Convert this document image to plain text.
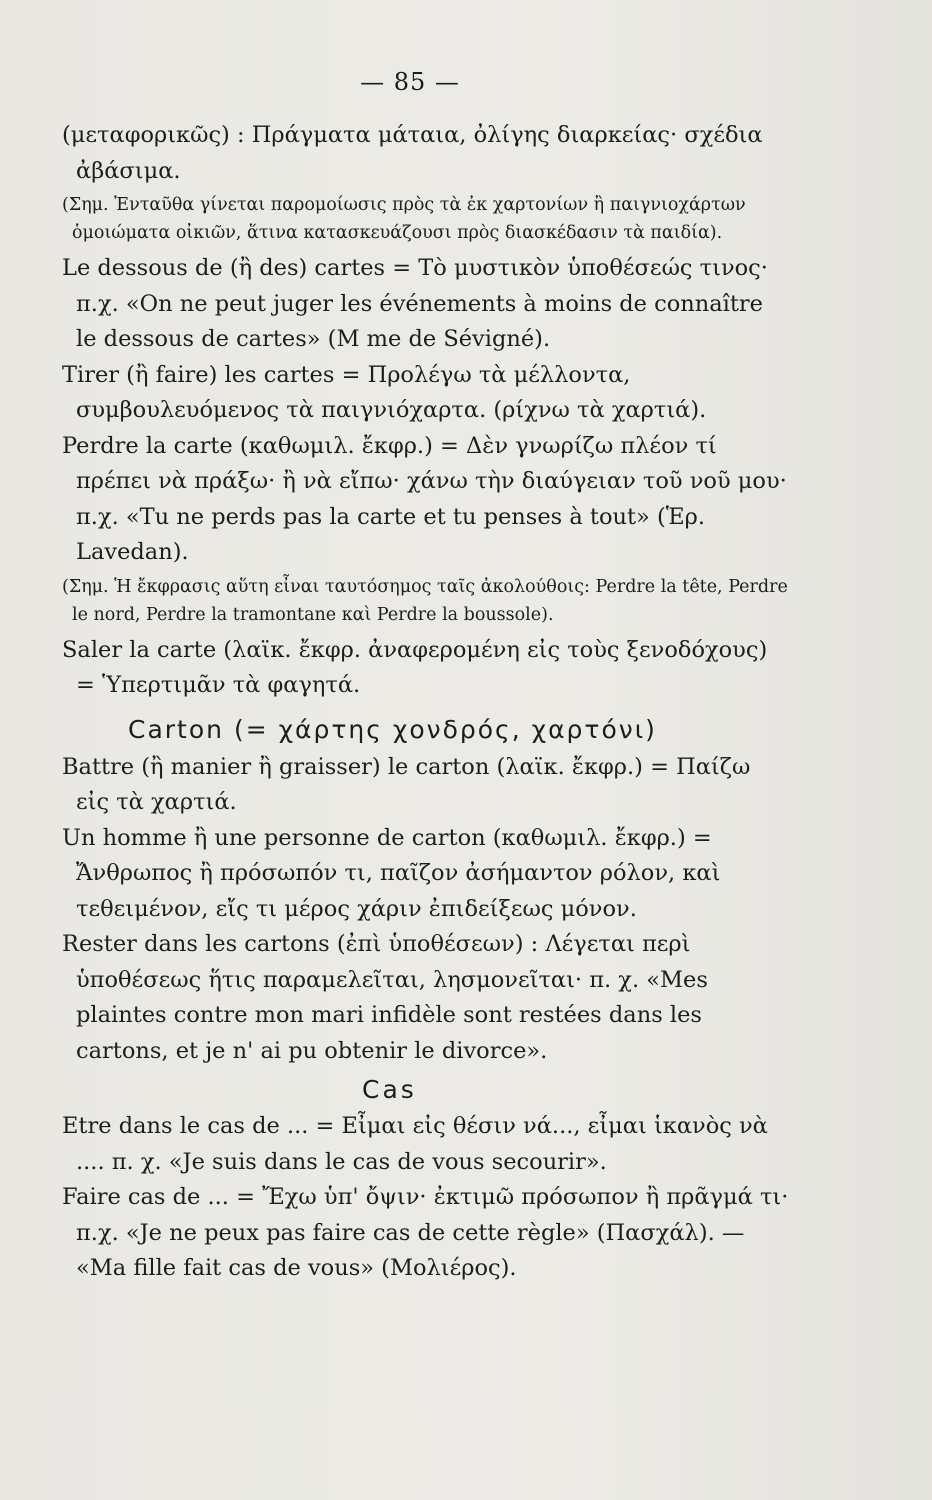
— 85 —
(μεταφορικῶς) : Πράγματα μάταια, ὀλίγης διαρκείας· σχέδια ἀβάσιμα.
(Σημ. Ἐνταῦθα γίνεται παρομοίωσις πρὸς τὰ ἐκ χαρτονίων ἢ παιγνιοχάρτων ὁμοιώματα οἰκιῶν, ἅτινα κατασκευάζουσι πρὸς διασκέδασιν τὰ παιδία).
Le dessous de (ἢ des) cartes = Τὸ μυστικὸν ὑποθέσεώς τινος· π.χ. «On ne peut juger les événements à moins de connaître le dessous de cartes» (M me de Sévigné).
Tirer (ἢ faire) les cartes = Προλέγω τὰ μέλλοντα, συμβουλευόμενος τὰ παιγνιόχαρτα. (ρίχνω τὰ χαρτιά).
Perdre la carte (καθωμιλ. ἔκφρ.) = Δὲν γνωρίζω πλέον τί πρέπει νὰ πράξω· ἢ νὰ εἴπω· χάνω τὴν διαύγειαν τοῦ νοῦ μου· π.χ. «Tu ne perds pas la carte et tu penses à tout» (Ἑρ. Lavedan).
(Σημ. Ἡ ἔκφρασις αὕτη εἶναι ταυτόσημος ταῖς ἀκολούθοις: Perdre la tête, Perdre le nord, Perdre la tramontane καὶ Perdre la boussole).
Saler la carte (λαϊκ. ἔκφρ. ἀναφερομένη εἰς τοὺς ξενοδόχους) = Ὑπερτιμᾶν τὰ φαγητά.
Carton (= χάρτης χονδρός, χαρτόνι)
Battre (ἢ manier ἢ graisser) le carton (λαϊκ. ἔκφρ.) = Παίζω εἰς τὰ χαρτιά.
Un homme ἢ une personne de carton (καθωμιλ. ἔκφρ.) = Ἄνθρωπος ἢ πρόσωπόν τι, παῖζον ἀσήμαντον ρόλον, καὶ τεθειμένον, εἴς τι μέρος χάριν ἐπιδείξεως μόνον.
Rester dans les cartons (ἐπὶ ὑποθέσεων) : Λέγεται περὶ ὑποθέσεως ἥτις παραμελεῖται, λησμονεῖται· π. χ. «Mes plaintes contre mon mari infidèle sont restées dans les cartons, et je n' ai pu obtenir le divorce».
Cas
Etre dans le cas de ... = Εἶμαι εἰς θέσιν νά..., εἶμαι ἱκανὸς νὰ .... π. χ. «Je suis dans le cas de vous secourir».
Faire cas de ... = Ἔχω ὑπ' ὄψιν· ἐκτιμῶ πρόσωπον ἢ πρᾶγμά τι· π.χ. «Je ne peux pas faire cas de cette règle» (Πασχάλ). — «Ma fille fait cas de vous» (Μολιέρος).
